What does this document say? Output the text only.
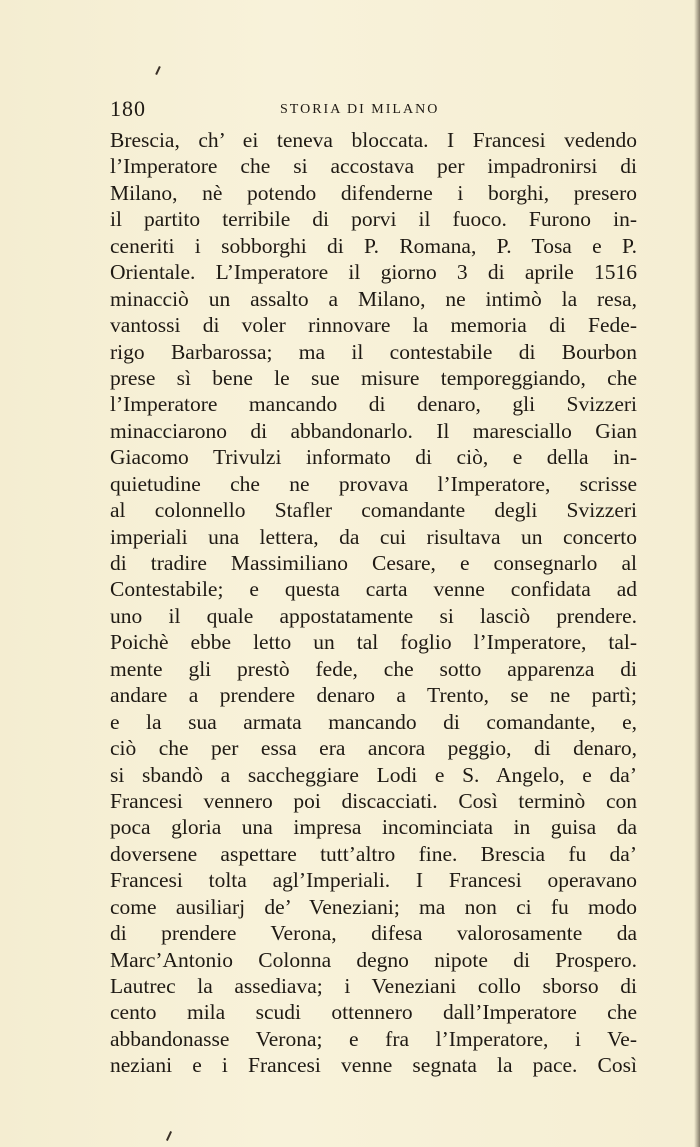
180	STORIA DI MILANO
Brescia, ch’ ei teneva bloccata. I Francesi vedendo
l’Imperatore che si accostava per impadronirsi di
Milano, nè potendo difenderne i borghi, presero
il partito terribile di porvi il fuoco. Furono in-
ceneriti i sobborghi di P. Romana, P. Tosa e P.
Orientale. L’Imperatore il giorno 3 di aprile 1516
minacciò un assalto a Milano, ne intimò la resa,
vantossi di voler rinnovare la memoria di Fede-
rigo Barbarossa; ma il contestabile di Bourbon
prese sì bene le sue misure temporeggiando, che
l’Imperatore mancando di denaro, gli Svizzeri
minacciarono di abbandonarlo. Il maresciallo Gian
Giacomo Trivulzi informato di ciò, e della in-
quietudine che ne provava l’Imperatore, scrisse
al colonnello Stafler comandante degli Svizzeri
imperiali una lettera, da cui risultava un concerto
di tradire Massimiliano Cesare, e consegnarlo al
Contestabile; e questa carta venne confidata ad
uno il quale appostatamente si lasciò prendere.
Poichè ebbe letto un tal foglio l’Imperatore, tal-
mente gli prestò fede, che sotto apparenza di
andare a prendere denaro a Trento, se ne partì;
e la sua armata mancando di comandante, e,
ciò che per essa era ancora peggio, di denaro,
si sbandò a saccheggiare Lodi e S. Angelo, e da’
Francesi vennero poi discacciati. Così terminò con
poca gloria una impresa incominciata in guisa da
doversene aspettare tutt’altro fine. Brescia fu da’
Francesi tolta agl’Imperiali. I Francesi operavano
come ausiliarj de’ Veneziani; ma non ci fu modo
di prendere Verona, difesa valorosamente da
Marc’Antonio Colonna degno nipote di Prospero.
Lautrec la assediava; i Veneziani collo sborso di
cento mila scudi ottennero dall’Imperatore che
abbandonasse Verona; e fra l’Imperatore, i Ve-
neziani e i Francesi venne segnata la pace. Così
